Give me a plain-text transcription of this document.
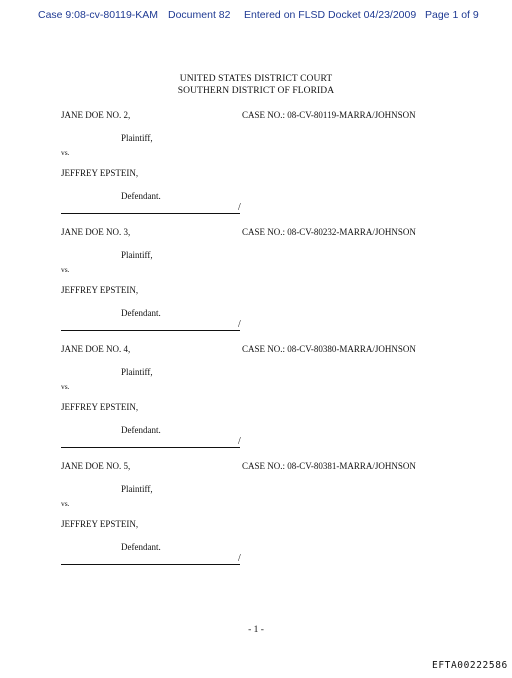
Case 9:08-cv-80119-KAM Document 82 Entered on FLSD Docket 04/23/2009 Page 1 of 9
UNITED STATES DISTRICT COURT
SOUTHERN DISTRICT OF FLORIDA
JANE DOE NO. 2,	CASE NO.: 08-CV-80119-MARRA/JOHNSON
Plaintiff,
vs.
JEFFREY EPSTEIN,
Defendant.
/
JANE DOE NO. 3,	CASE NO.: 08-CV-80232-MARRA/JOHNSON
Plaintiff,
vs.
JEFFREY EPSTEIN,
Defendant.
/
JANE DOE NO. 4,	CASE NO.: 08-CV-80380-MARRA/JOHNSON
Plaintiff,
vs.
JEFFREY EPSTEIN,
Defendant.
/
JANE DOE NO. 5,	CASE NO.: 08-CV-80381-MARRA/JOHNSON
Plaintiff,
vs.
JEFFREY EPSTEIN,
Defendant.
/
- 1 -
EFTA00222586
